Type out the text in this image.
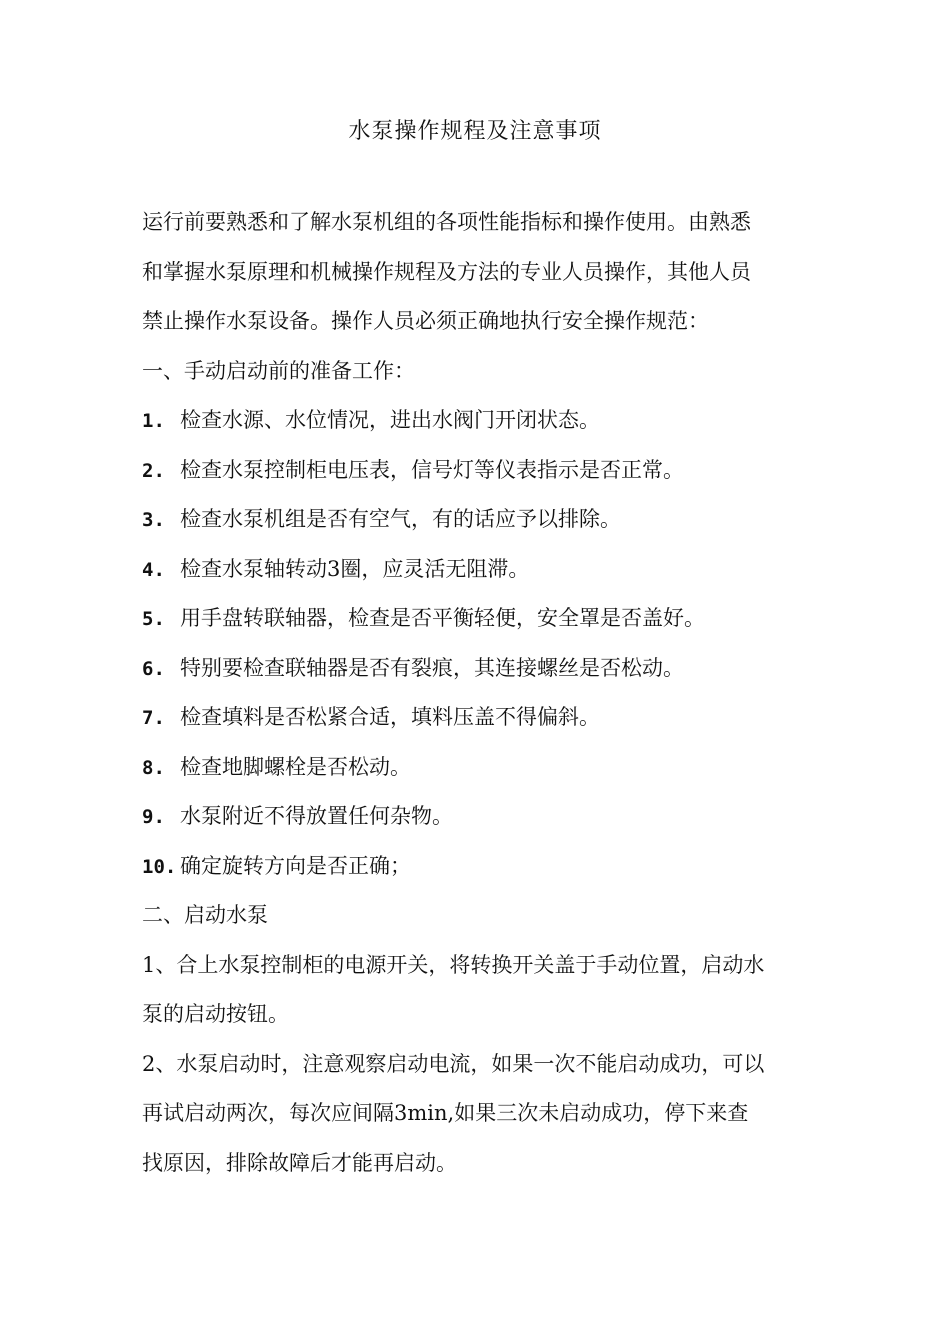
水泵操作规程及注意事项
运行前要熟悉和了解水泵机组的各项性能指标和操作使用。由熟悉
和掌握水泵原理和机械操作规程及方法的专业人员操作，其他人员
禁止操作水泵设备。操作人员必须正确地执行安全操作规范：
一、手动启动前的准备工作：
1. 检查水源、水位情况，进出水阀门开闭状态。
2. 检查水泵控制柜电压表，信号灯等仪表指示是否正常。
3. 检查水泵机组是否有空气，有的话应予以排除。
4. 检查水泵轴转动3圈，应灵活无阻滞。
5. 用手盘转联轴器，检查是否平衡轻便，安全罩是否盖好。
6. 特别要检查联轴器是否有裂痕，其连接螺丝是否松动。
7. 检查填料是否松紧合适，填料压盖不得偏斜。
8. 检查地脚螺栓是否松动。
9. 水泵附近不得放置任何杂物。
10. 确定旋转方向是否正确；
二、启动水泵
1、合上水泵控制柜的电源开关，将转换开关盖于手动位置，启动水
泵的启动按钮。
2、水泵启动时，注意观察启动电流，如果一次不能启动成功，可以
再试启动两次，每次应间隔3min,如果三次未启动成功，停下来查
找原因，排除故障后才能再启动。
